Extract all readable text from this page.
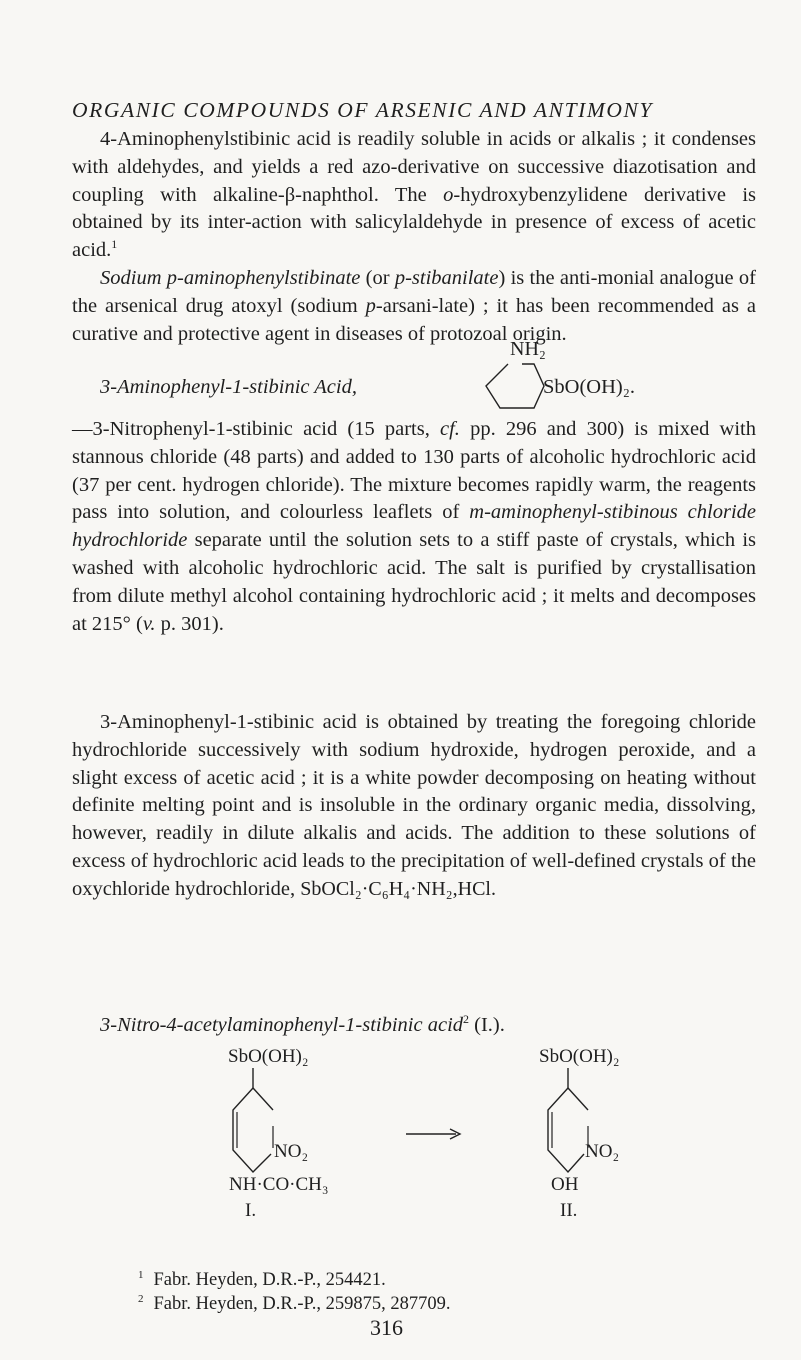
ORGANIC COMPOUNDS OF ARSENIC AND ANTIMONY

4-Aminophenylstibinic acid is readily soluble in acids or alkalis ; it condenses with aldehydes, and yields a red azo-derivative on successive diazotisation and coupling with alkaline-β-naphthol. The o-hydroxybenzylidene derivative is obtained by its inter-action with salicylaldehyde in presence of excess of acetic acid.$^1$

Sodium p-aminophenylstibinate (or p-stibanilate) is the anti-monial analogue of the arsenical drug atoxyl (sodium p-arsani-late) ; it has been recommended as a curative and protective agent in diseases of protozoal origin.

3-Aminophenyl-1-stibinic Acid,
NH₂
SbO(OH)₂.

—3-Nitrophenyl-1-stibinic acid (15 parts, cf. pp. 296 and 300) is mixed with stannous chloride (48 parts) and added to 130 parts of alcoholic hydrochloric acid (37 per cent. hydrogen chloride). The mixture becomes rapidly warm, the reagents pass into solution, and colourless leaflets of m-aminophenyl-stibinous chloride hydrochloride separate until the solution sets to a stiff paste of crystals, which is washed with alcoholic hydrochloric acid. The salt is purified by crystallisation from dilute methyl alcohol containing hydrochloric acid ; it melts and decomposes at 215° (v. p. 301).

3-Aminophenyl-1-stibinic acid is obtained by treating the foregoing chloride hydrochloride successively with sodium hydroxide, hydrogen peroxide, and a slight excess of acetic acid ; it is a white powder decomposing on heating without definite melting point and is insoluble in the ordinary organic media, dissolving, however, readily in dilute alkalis and acids. The addition to these solutions of excess of hydrochloric acid leads to the precipitation of well-defined crystals of the oxychloride hydrochloride, SbOCl₂·C₆H₄·NH₂,HCl.

3-Nitro-4-acetylaminophenyl-1-stibinic acid$^2$ (I.).
SbO(OH)₂
NO₂
NH·CO·CH₃
I.
SbO(OH)₂
NO₂
OH
II.
$^1$ Fabr. Heyden, D.R.-P., 254421.
$^2$ Fabr. Heyden, D.R.-P., 259875, 287709.
316
